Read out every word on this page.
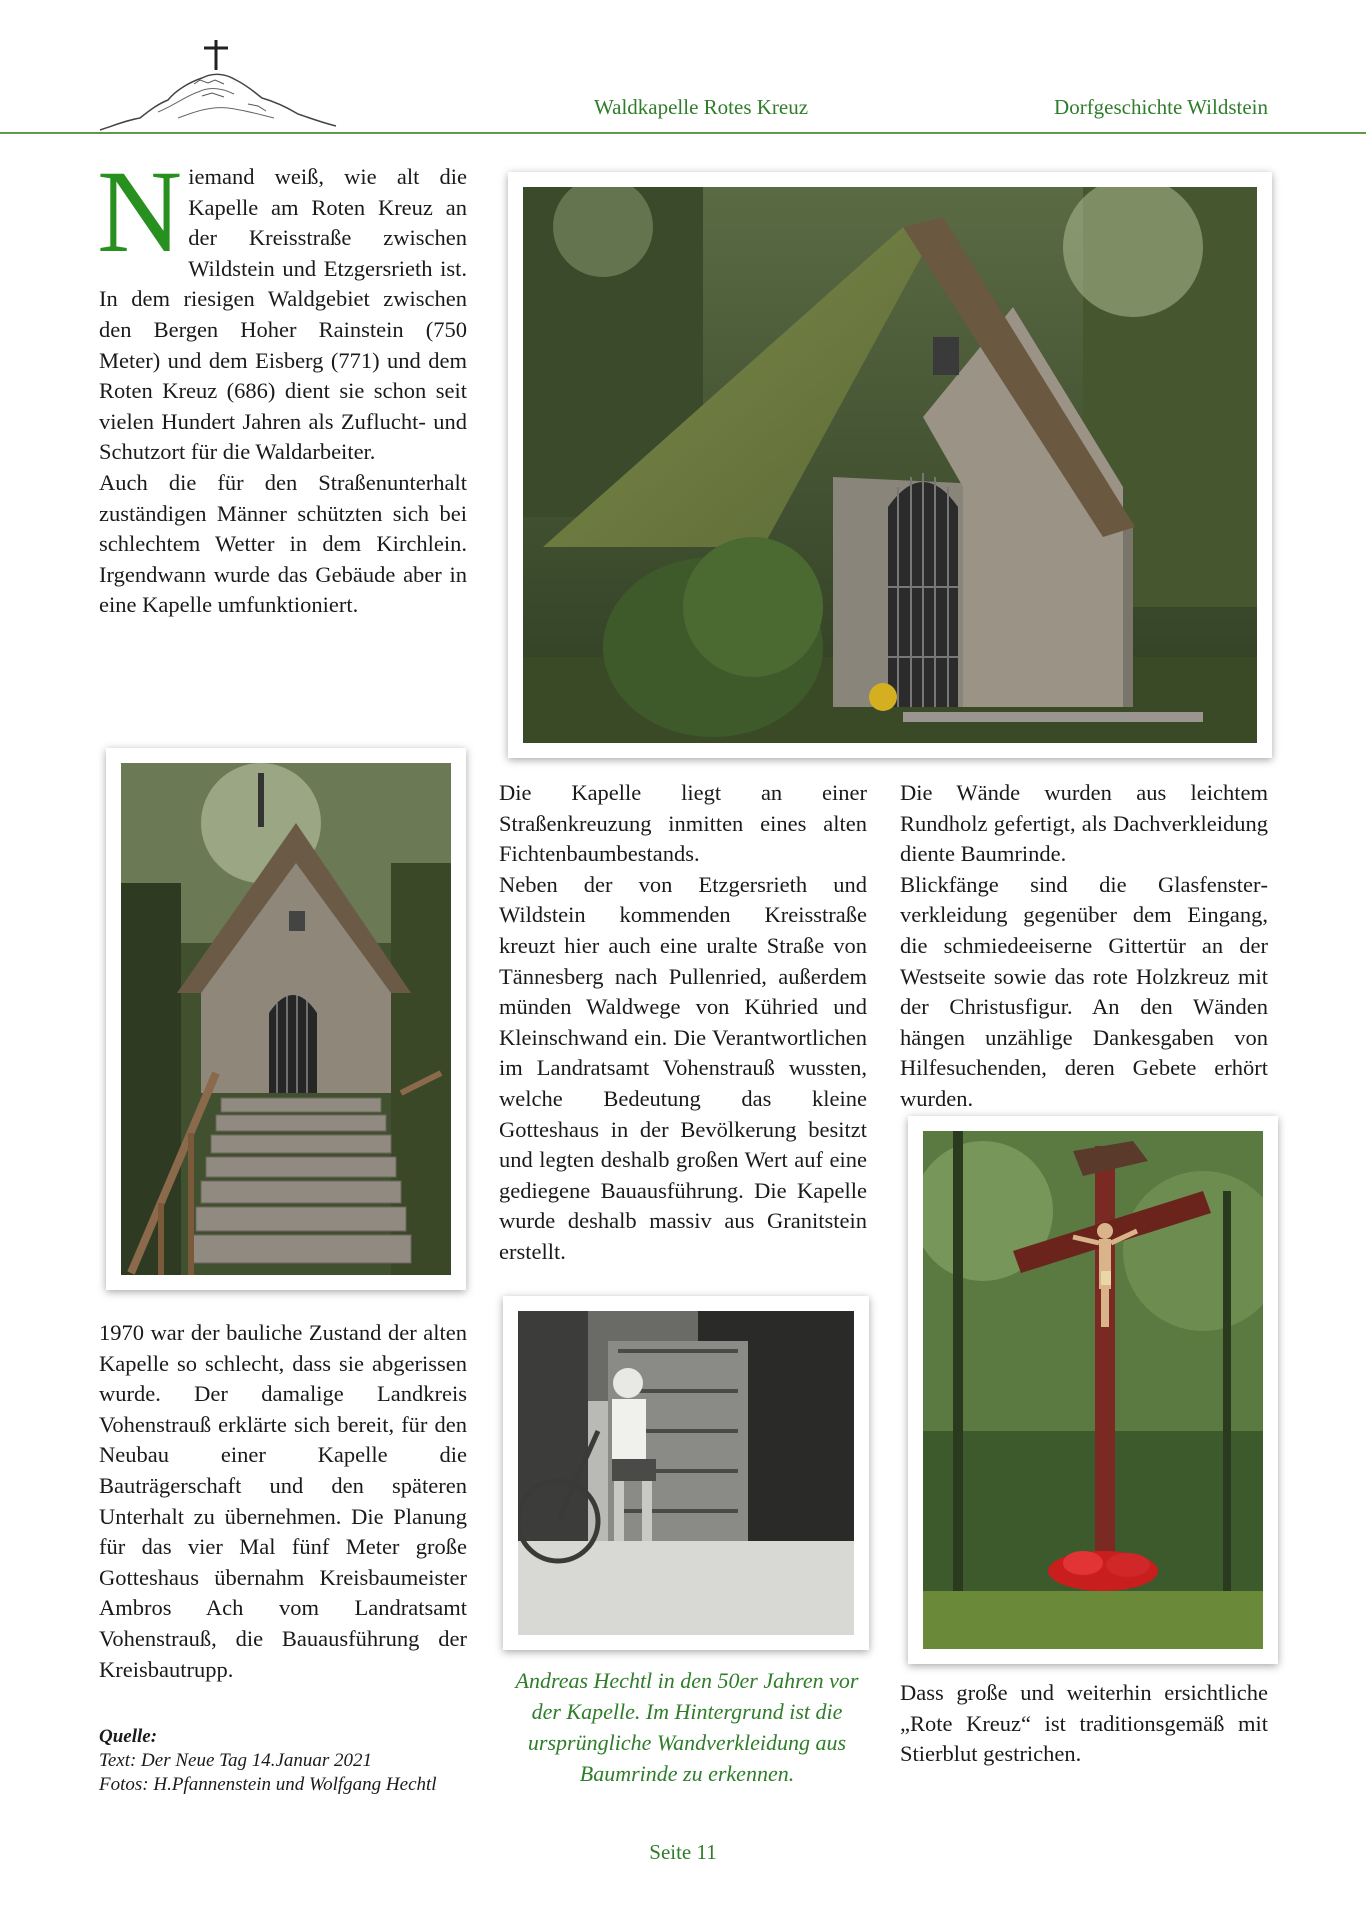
Waldkapelle Rotes Kreuz	Dorfgeschichte Wildstein
N iemand weiß, wie alt die Kapelle am Roten Kreuz an der Kreisstraße zwischen Wildstein und Etzgersrieth ist. In dem riesigen Waldgebiet zwischen den Bergen Hoher Rainstein (750 Meter) und dem Eisberg (771) und dem Roten Kreuz (686) dient sie schon seit vielen Hundert Jahren als Zuflucht- und Schutzort für die Waldarbeiter.

Auch die für den Straßenunterhalt zuständigen Männer schützten sich bei schlechtem Wetter in dem Kirchlein. Irgendwann wurde das Gebäude aber in eine Kapelle umfunktioniert.

Die Kapelle liegt an einer Straßenkreuzung inmitten eines alten Fichtenbaumbestands.

Neben der von Etzgersrieth und Wildstein kommenden Kreisstraße kreuzt hier auch eine uralte Straße von Tännesberg nach Pullenried, außerdem münden Waldwege von Kühried und Kleinschwand ein. Die Verantwortlichen im Landratsamt Vohenstrauß wussten, welche Bedeutung das kleine Gotteshaus in der Bevölkerung besitzt und legten deshalb großen Wert auf eine gediegene Bauausführung. Die Kapelle wurde deshalb massiv aus Granitstein erstellt.

Die Wände wurden aus leichtem Rundholz gefertigt, als Dachverkleidung diente Baumrinde.

Blickfänge sind die Glasfensterverkleidung gegenüber dem Eingang, die schmiedeeiserne Gittertür an der Westseite sowie das rote Holzkreuz mit der Christusfigur. An den Wänden hängen unzählige Dankesgaben von Hilfesuchenden, deren Gebete erhört wurden.

1970 war der bauliche Zustand der alten Kapelle so schlecht, dass sie abgerissen wurde. Der damalige Landkreis Vohenstrauß erklärte sich bereit, für den Neubau einer Kapelle die Bauträgerschaft und den späteren Unterhalt zu übernehmen. Die Planung für das vier Mal fünf Meter große Gotteshaus übernahm Kreisbaumeister Ambros Ach vom Landratsamt Vohenstrauß, die Bauausführung der Kreisbautrupp.

Quelle:
Text: Der Neue Tag 14.Januar 2021
Fotos: H.Pfannenstein und Wolfgang Hechtl
Andreas Hechtl in den 50er Jahren vor der Kapelle. Im Hintergrund ist die ursprüngliche Wandverkleidung aus Baumrinde zu erkennen.

Dass große und weiterhin ersichtliche „Rote Kreuz“ ist traditionsgemäß mit Stierblut gestrichen.

Seite 11
